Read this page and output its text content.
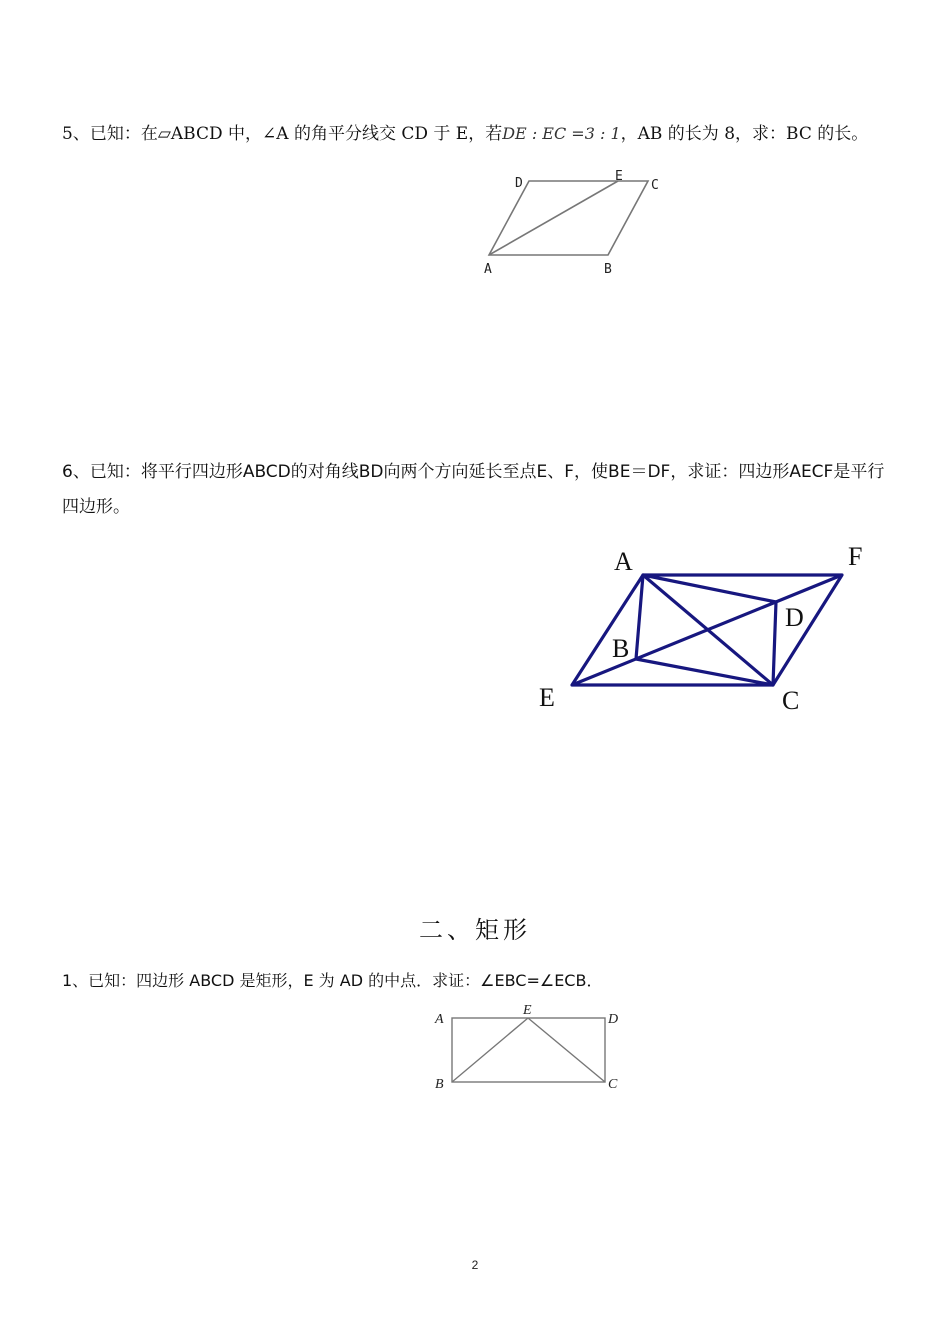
5、已知：在▱ABCD 中，∠A 的角平分线交 CD 于 E，若DE : EC =3 : 1，AB 的长为 8，求：BC 的长。
D	E
C
A	B
6、已知：将平行四边形ABCD的对角线BD向两个方向延长至点E、F，使BE＝DF，求证：四边形AECF是平行四边形。
A	F
D
B
E	C
二、矩形
1、已知：四边形 ABCD 是矩形，E 为 AD 的中点．求证：∠EBC=∠ECB．
A
E
D
B	C
2
